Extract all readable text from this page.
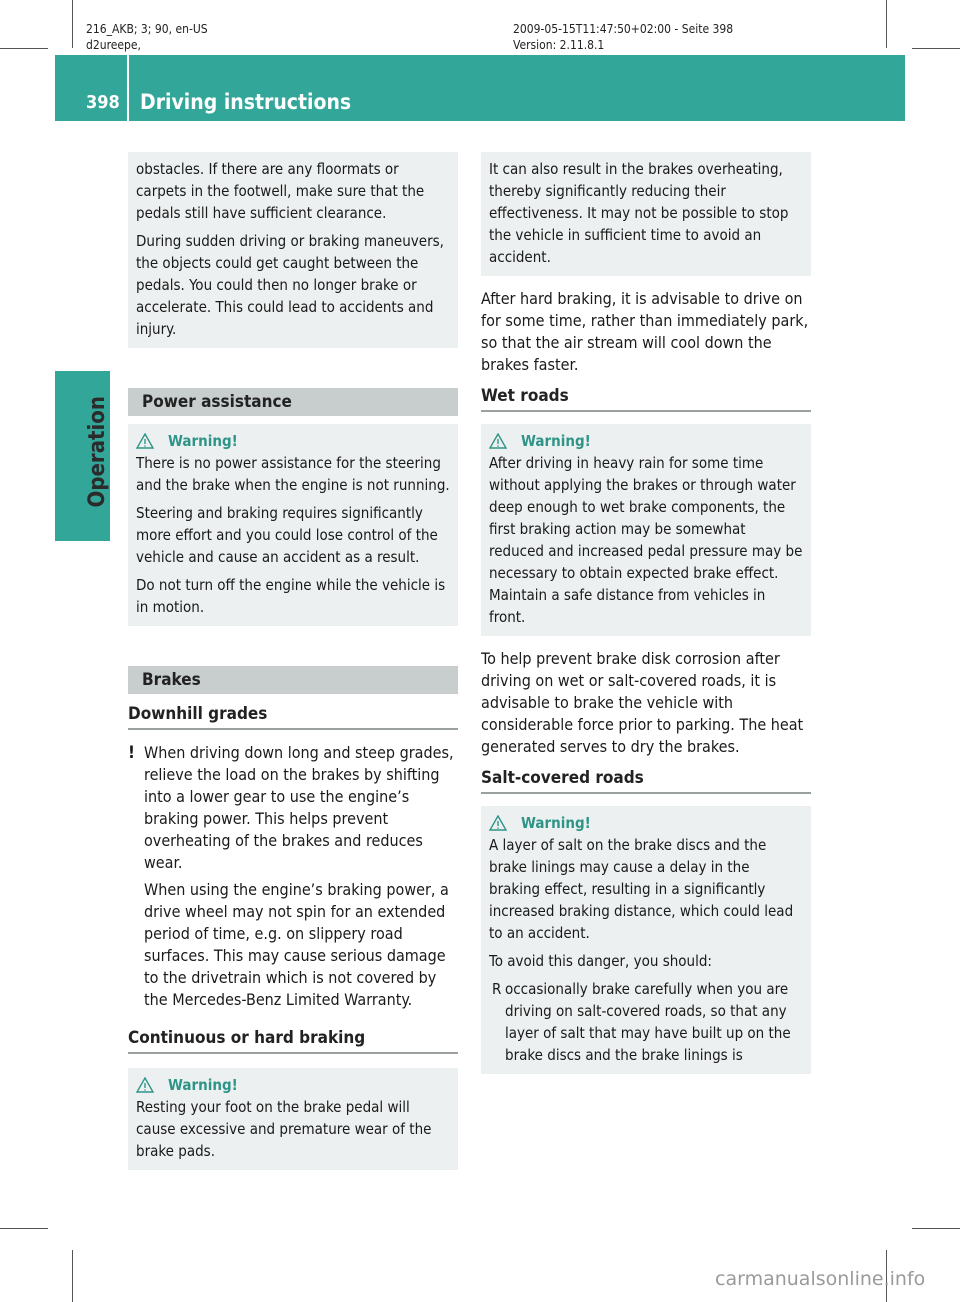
216_AKB; 3; 90, en-US
d2ureepe,
2009-05-15T11:47:50+02:00 - Seite 398
Version: 2.11.8.1
398 Driving instructions
Operation

obstacles. If there are any floormats or carpets in the footwell, make sure that the pedals still have sufficient clearance.

During sudden driving or braking maneuvers, the objects could get caught between the pedals. You could then no longer brake or accelerate. This could lead to accidents and injury.

Power assistance
Warning!

There is no power assistance for the steering and the brake when the engine is not running.

Steering and braking requires significantly more effort and you could lose control of the vehicle and cause an accident as a result.

Do not turn off the engine while the vehicle is in motion.

Brakes
Downhill grades
! When driving down long and steep grades, relieve the load on the brakes by shifting into a lower gear to use the engine’s braking power. This helps prevent overheating of the brakes and reduces wear.

When using the engine’s braking power, a drive wheel may not spin for an extended period of time, e.g. on slippery road surfaces. This may cause serious damage to the drivetrain which is not covered by the Mercedes-Benz Limited Warranty.

Continuous or hard braking
Warning!

Resting your foot on the brake pedal will cause excessive and premature wear of the brake pads.

It can also result in the brakes overheating, thereby significantly reducing their effectiveness. It may not be possible to stop the vehicle in sufficient time to avoid an accident.

After hard braking, it is advisable to drive on for some time, rather than immediately park, so that the air stream will cool down the brakes faster.
Wet roads
Warning!

After driving in heavy rain for some time without applying the brakes or through water deep enough to wet brake components, the first braking action may be somewhat reduced and increased pedal pressure may be necessary to obtain expected brake effect. Maintain a safe distance from vehicles in front.

To help prevent brake disk corrosion after driving on wet or salt-covered roads, it is advisable to brake the vehicle with considerable force prior to parking. The heat generated serves to dry the brakes.
Salt-covered roads
Warning!

A layer of salt on the brake discs and the brake linings may cause a delay in the braking effect, resulting in a significantly increased braking distance, which could lead to an accident.

To avoid this danger, you should:

R occasionally brake carefully when you are driving on salt-covered roads, so that any layer of salt that may have built up on the brake discs and the brake linings is

carmanualsonline.info
